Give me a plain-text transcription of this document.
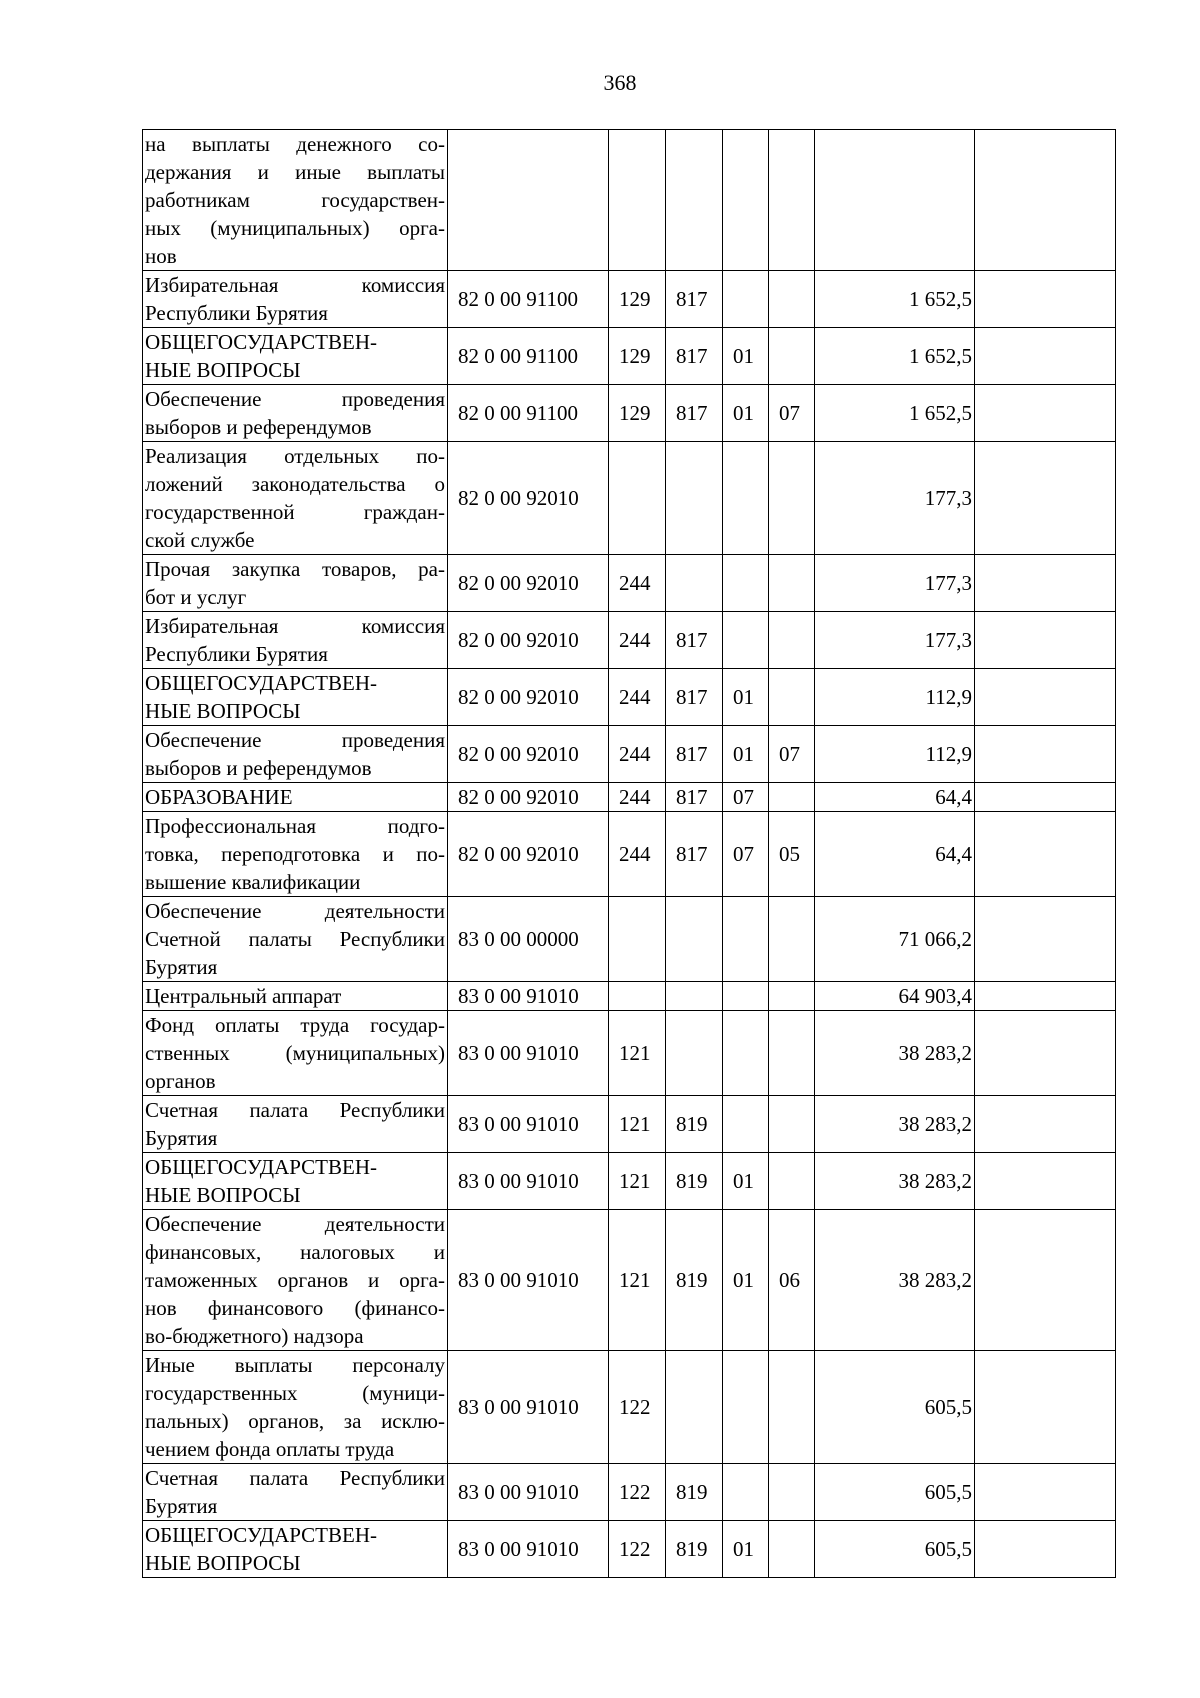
368
на выплаты денежного со-
держания и иные выплаты
работникам государствен-
ных (муниципальных) орга-
нов							

Избирательная комиссия
Республики Бурятия	82 0 00 91100	129	817			1 652,5	

ОБЩЕГОСУДАРСТВЕН-
НЫЕ ВОПРОСЫ	82 0 00 91100	129	817	01		1 652,5	

Обеспечение проведения
выборов и референдумов	82 0 00 91100	129	817	01	07	1 652,5	

Реализация отдельных по-
ложений законодательства о
государственной граждан-
ской службе	82 0 00 92010					177,3	

Прочая закупка товаров, ра-
бот и услуг	82 0 00 92010	244				177,3	

Избирательная комиссия
Республики Бурятия	82 0 00 92010	244	817			177,3	

ОБЩЕГОСУДАРСТВЕН-
НЫЕ ВОПРОСЫ	82 0 00 92010	244	817	01		112,9	

Обеспечение проведения
выборов и референдумов	82 0 00 92010	244	817	01	07	112,9	

ОБРАЗОВАНИЕ	82 0 00 92010	244	817	07		64,4	

Профессиональная подго-
товка, переподготовка и по-
вышение квалификации	82 0 00 92010	244	817	07	05	64,4	

Обеспечение деятельности
Счетной палаты Республики
Бурятия	83 0 00 00000					71 066,2	

Центральный аппарат	83 0 00 91010					64 903,4	

Фонд оплаты труда государ-
ственных (муниципальных)
органов	83 0 00 91010	121				38 283,2	

Счетная палата Республики
Бурятия	83 0 00 91010	121	819			38 283,2	

ОБЩЕГОСУДАРСТВЕН-
НЫЕ ВОПРОСЫ	83 0 00 91010	121	819	01		38 283,2	

Обеспечение деятельности
финансовых, налоговых и
таможенных органов и орга-
нов финансового (финансо-
во-бюджетного) надзора	83 0 00 91010	121	819	01	06	38 283,2	

Иные выплаты персоналу
государственных (муници-
пальных) органов, за исклю-
чением фонда оплаты труда	83 0 00 91010	122				605,5	

Счетная палата Республики
Бурятия	83 0 00 91010	122	819			605,5	

ОБЩЕГОСУДАРСТВЕН-
НЫЕ ВОПРОСЫ	83 0 00 91010	122	819	01		605,5	
